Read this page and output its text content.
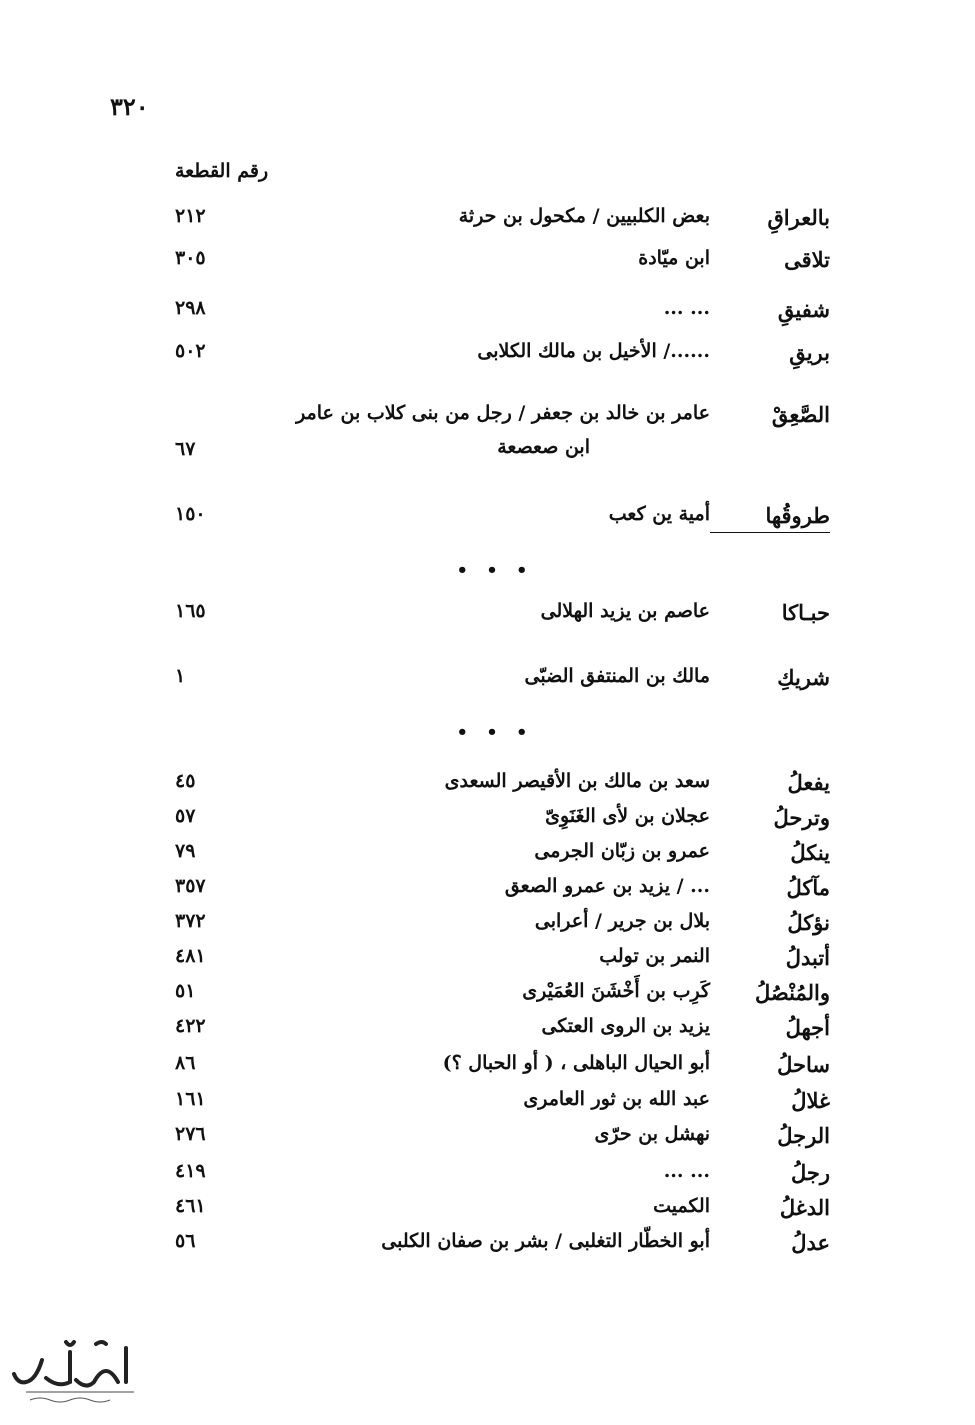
٣٢٠
رقم القطعة
بالعراقِ
بعض الكلبيين / مكحول بن حرثة
٢١٢
تلاقى
ابن ميّادة
٣٠٥
شفيقِ
... ...
٢٩٨
بريقِ
....../ الأخيل بن مالك الكلابى
٥٠٢
الصَّعِقْ
عامر بن خالد بن جعفر / رجل من بنى كلاب بن عامر
ابن صعصعة
٦٧
طروقُها
أمية ين كعب
١٥٠
• • •
حبـاكا
عاصم بن يزيد الهلالى
١٦٥
شريكِ
مالك بن المنتفق الضبّى
١
• • •
يفعلُ
سعد بن مالك بن الأقيصر السعدى
٤٥
وترحلُ
عجلان بن لأى الغَنَوِىّ
٥٧
ينكلُ
عمرو بن زبّان الجرمى
٧٩
مآكلُ
... / يزيد بن عمرو الصعق
٣٥٧
نؤكلُ
بلال بن جرير / أعرابى
٣٧٢
أتبدلُ
النمر بن تولب
٤٨١
والمُنْصُلُ
كَرِب بن أَخْشَنَ العُمَيْرى
٥١
أجهلُ
يزيد بن الروى العتكى
٤٢٢
ساحلُ
أبو الحيال الباهلى ، ( أو الحبال ؟)
٨٦
غلالُ
عبد الله بن ثور العامرى
١٦١
الرجلُ
نهشل بن حرّى
٢٧٦
رجلُ
... ...
٤١٩
الدغلُ
الكميت
٤٦١
عدلُ
أبو الخطّار التغلبى / بشر بن صفان الكلبى
٥٦
